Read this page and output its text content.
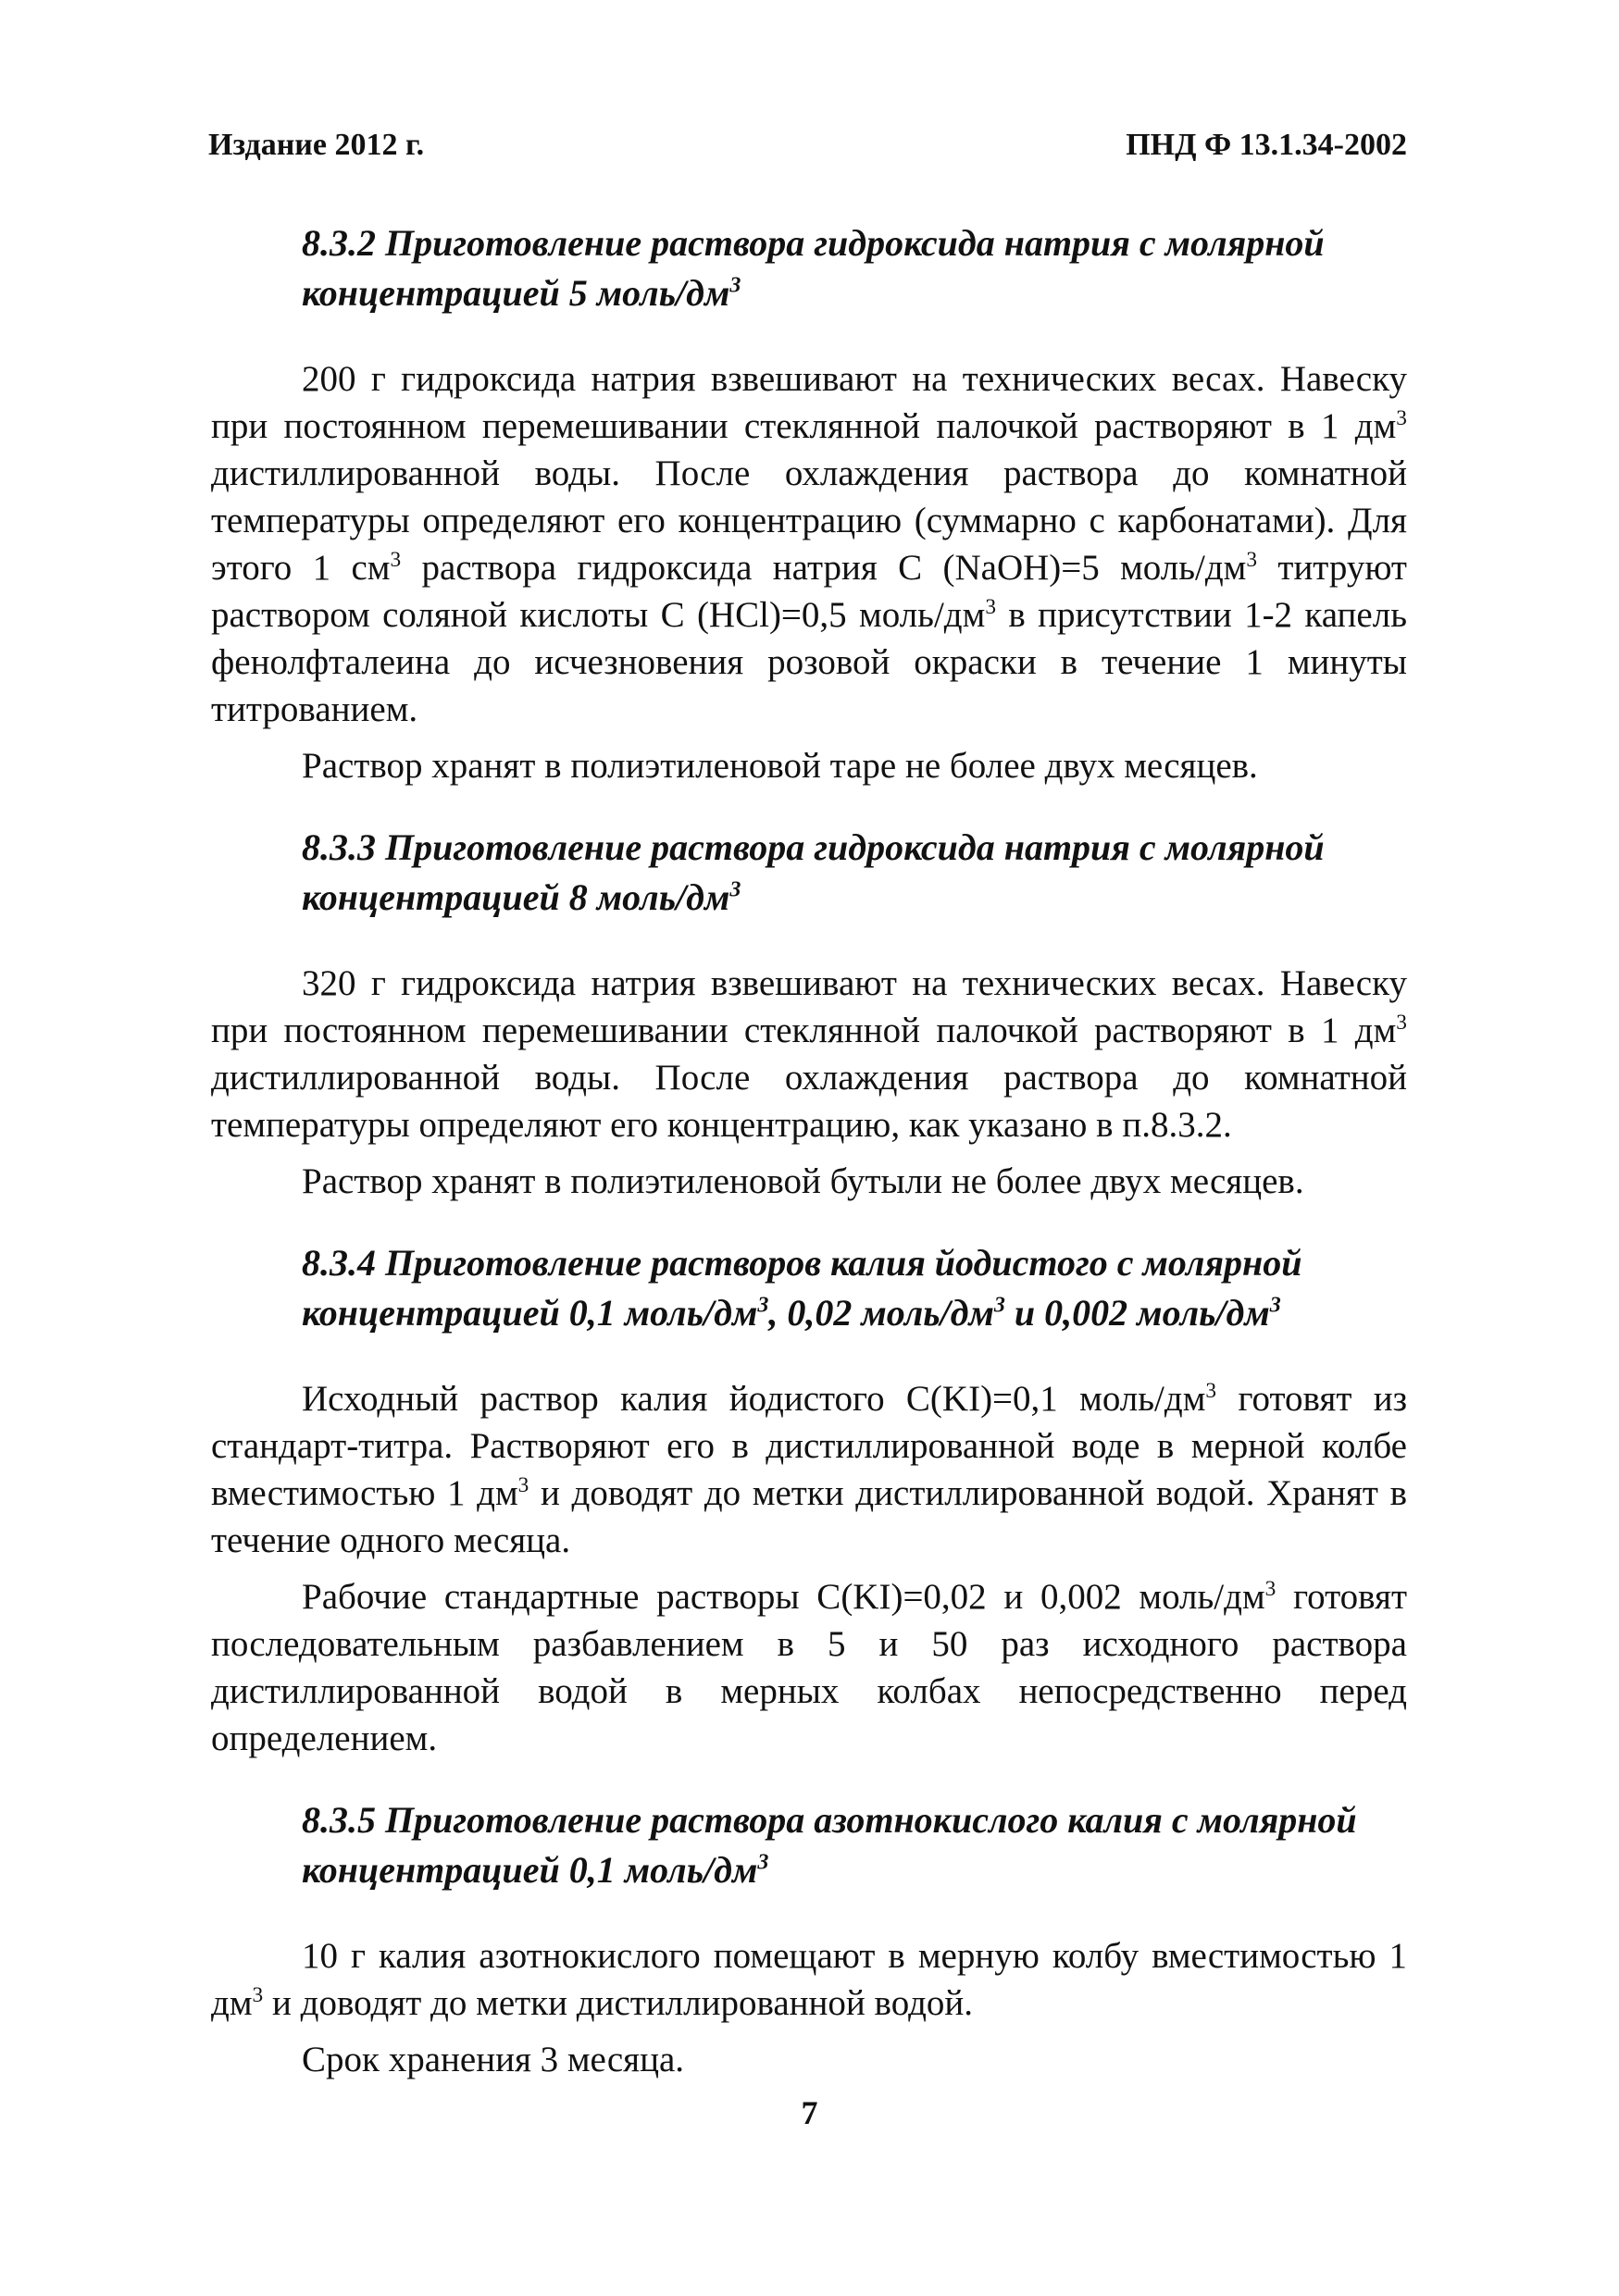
Издание 2012 г.	ПНД Ф 13.1.34-2002

8.3.2 Приготовление раствора гидроксида натрия с молярной
концентрацией 5 моль/$дм^3$

200 г гидроксида натрия взвешивают на технических весах. Навеску при постоянном перемешивании стеклянной палочкой растворяют в 1 $дм^3$ дистиллированной воды. После охлаждения раствора до комнатной температуры определяют его концентрацию (суммарно с карбонатами). Для этого 1 $см^3$ раствора гидроксида натрия С (NaOH)=5 моль/$дм^3$ титруют раствором соляной кислоты С (HCl)=0,5 моль/$дм^3$ в присутствии 1-2 капель фенолфталеина до исчезновения розовой окраски в течение 1 минуты титрованием.

Раствор хранят в полиэтиленовой таре не более двух месяцев.

8.3.3 Приготовление раствора гидроксида натрия с молярной
концентрацией 8 моль/$дм^3$

320 г гидроксида натрия взвешивают на технических весах. Навеску при постоянном перемешивании стеклянной палочкой растворяют в 1 $дм^3$ дистиллированной воды. После охлаждения раствора до комнатной температуры определяют его концентрацию, как указано в п.8.3.2.

Раствор хранят в полиэтиленовой бутыли не более двух месяцев.

8.3.4 Приготовление растворов калия йодистого с молярной
концентрацией 0,1 моль/$дм^3$, 0,02 моль/$дм^3$ и 0,002 моль/$дм^3$

Исходный раствор калия йодистого С(KI)=0,1 моль/$дм^3$ готовят из стандарт-титра. Растворяют его в дистиллированной воде в мерной колбе вместимостью 1 $дм^3$ и доводят до метки дистиллированной водой. Хранят в течение одного месяца.

Рабочие стандартные растворы С(KI)=0,02 и 0,002 моль/$дм^3$ готовят последовательным разбавлением в 5 и 50 раз исходного раствора дистиллированной водой в мерных колбах непосредственно перед определением.

8.3.5 Приготовление раствора азотнокислого калия с молярной
концентрацией 0,1 моль/$дм^3$

10 г калия азотнокислого помещают в мерную колбу вместимостью 1 $дм^3$ и доводят до метки дистиллированной водой.

Срок хранения 3 месяца.

7
